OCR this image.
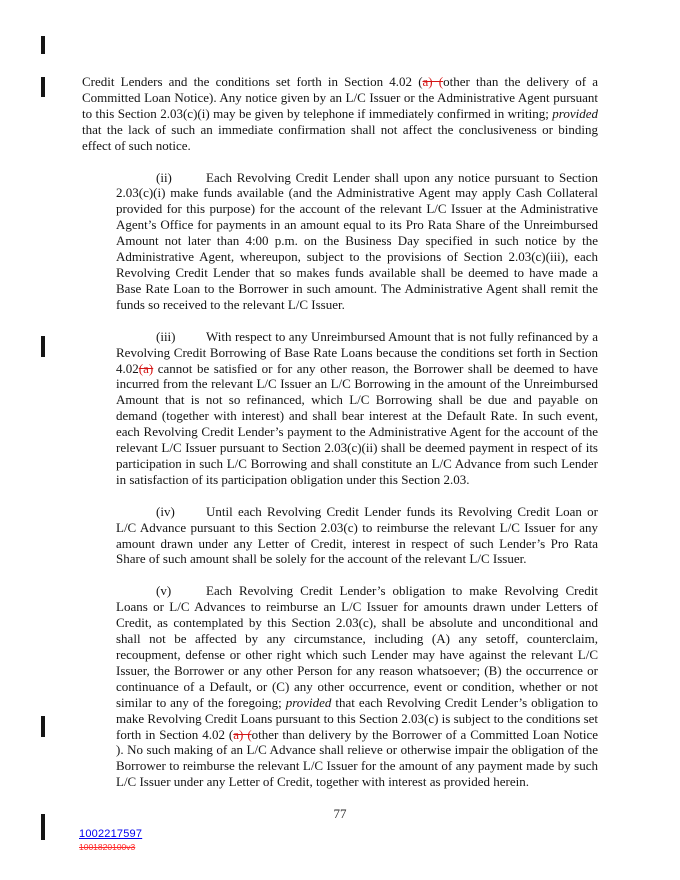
Credit Lenders and the conditions set forth in Section 4.02 (a) (other than the delivery of a Committed Loan Notice). Any notice given by an L/C Issuer or the Administrative Agent pursuant to this Section 2.03(c)(i) may be given by telephone if immediately confirmed in writing; provided that the lack of such an immediate confirmation shall not affect the conclusiveness or binding effect of such notice.

(ii)	Each Revolving Credit Lender shall upon any notice pursuant to Section 2.03(c)(i) make funds available (and the Administrative Agent may apply Cash Collateral provided for this purpose) for the account of the relevant L/C Issuer at the Administrative Agent’s Office for payments in an amount equal to its Pro Rata Share of the Unreimbursed Amount not later than 4:00 p.m. on the Business Day specified in such notice by the Administrative Agent, whereupon, subject to the provisions of Section 2.03(c)(iii), each Revolving Credit Lender that so makes funds available shall be deemed to have made a Base Rate Loan to the Borrower in such amount. The Administrative Agent shall remit the funds so received to the relevant L/C Issuer.

(iii) With respect to any Unreimbursed Amount that is not fully refinanced by a Revolving Credit Borrowing of Base Rate Loans because the conditions set forth in Section 4.02(a) cannot be satisfied or for any other reason, the Borrower shall be deemed to have incurred from the relevant L/C Issuer an L/C Borrowing in the amount of the Unreimbursed Amount that is not so refinanced, which L/C Borrowing shall be due and payable on demand (together with interest) and shall bear interest at the Default Rate. In such event, each Revolving Credit Lender’s payment to the Administrative Agent for the account of the relevant L/C Issuer pursuant to Section 2.03(c)(ii) shall be deemed payment in respect of its participation in such L/C Borrowing and shall constitute an L/C Advance from such Lender in satisfaction of its participation obligation under this Section 2.03.

(iv) Until each Revolving Credit Lender funds its Revolving Credit Loan or L/C Advance pursuant to this Section 2.03(c) to reimburse the relevant L/C Issuer for any amount drawn under any Letter of Credit, interest in respect of such Lender’s Pro Rata Share of such amount shall be solely for the account of the relevant L/C Issuer.

(v)	Each Revolving Credit Lender’s obligation to make Revolving Credit Loans or L/C Advances to reimburse an L/C Issuer for amounts drawn under Letters of Credit, as contemplated by this Section 2.03(c), shall be absolute and unconditional and shall not be affected by any circumstance, including (A) any setoff, counterclaim, recoupment, defense or other right which such Lender may have against the relevant L/C Issuer, the Borrower or any other Person for any reason whatsoever; (B) the occurrence or continuance of a Default, or (C) any other occurrence, event or condition, whether or not similar to any of the foregoing; provided that each Revolving Credit Lender’s obligation to make Revolving Credit Loans pursuant to this Section 2.03(c) is subject to the conditions set forth in Section 4.02 (a) (other than delivery by the Borrower of a Committed Loan Notice ). No such making of an L/C Advance shall relieve or otherwise impair the obligation of the Borrower to reimburse the relevant L/C Issuer for the amount of any payment made by such L/C Issuer under any Letter of Credit, together with interest as provided herein.

77
1002217597
1001820100v3
